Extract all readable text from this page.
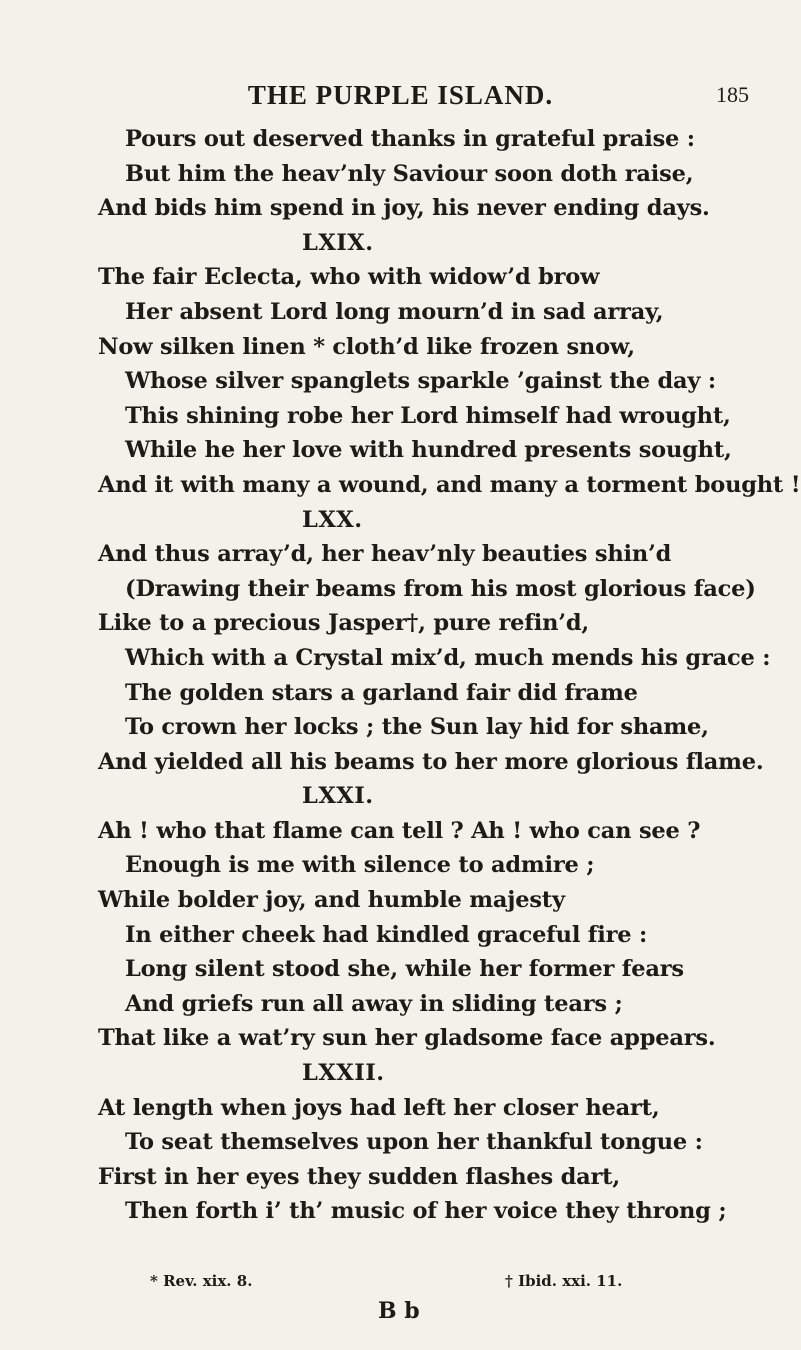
THE PURPLE ISLAND.	185
Pours out deserved thanks in grateful praise :
But him the heav’nly Saviour soon doth raise,
And bids him spend in joy, his never ending days.
LXIX.
The fair Eclecta, who with widow’d brow
Her absent Lord long mourn’d in sad array,
Now silken linen * cloth’d like frozen snow,
Whose silver spanglets sparkle ’gainst the day :
This shining robe her Lord himself had wrought,
While he her love with hundred presents sought,
And it with many a wound, and many a torment bought !
LXX.
And thus array’d, her heav’nly beauties shin’d
(Drawing their beams from his most glorious face)
Like to a precious Jasper†, pure refin’d,
Which with a Crystal mix’d, much mends his grace :
The golden stars a garland fair did frame
To crown her locks ; the Sun lay hid for shame,
And yielded all his beams to her more glorious flame.
LXXI.
Ah ! who that flame can tell ? Ah ! who can see ?
Enough is me with silence to admire ;
While bolder joy, and humble majesty
In either cheek had kindled graceful fire :
Long silent stood she, while her former fears
And griefs run all away in sliding tears ;
That like a wat’ry sun her gladsome face appears.
LXXII.
At length when joys had left her closer heart,
To seat themselves upon her thankful tongue :
First in her eyes they sudden flashes dart,
Then forth i’ th’ music of her voice they throng ;
* Rev. xix. 8.	† Ibid. xxi. 11.
B b
